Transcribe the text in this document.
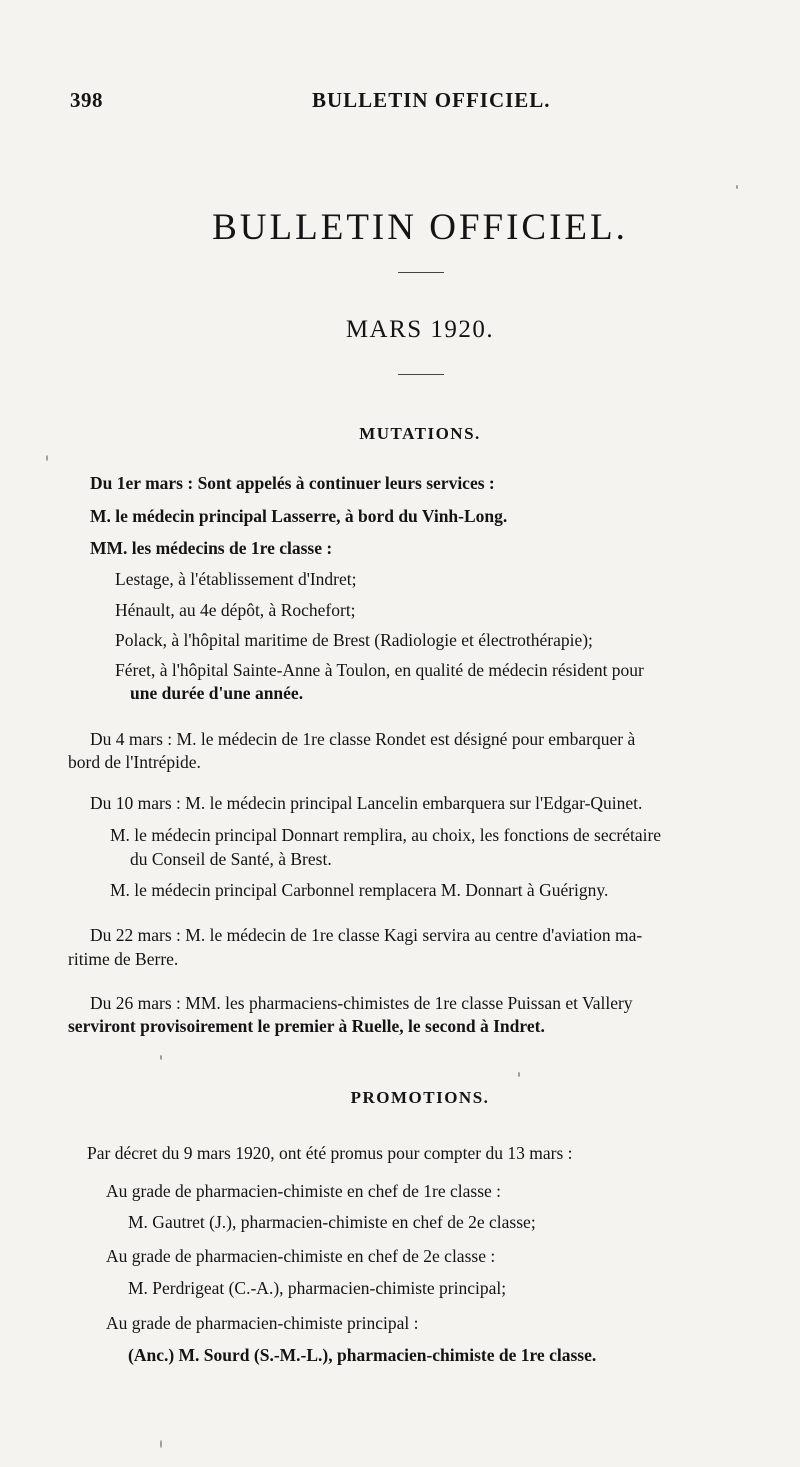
398	BULLETIN OFFICIEL.
BULLETIN OFFICIEL.
MARS 1920.
MUTATIONS.
Du 1er mars : Sont appelés à continuer leurs services :
M. le médecin principal Lasserre, à bord du Vinh-Long.
MM. les médecins de 1re classe :
Lestage, à l'établissement d'Indret;
Hénault, au 4e dépôt, à Rochefort;
Polack, à l'hôpital maritime de Brest (Radiologie et électrothérapie);
Féret, à l'hôpital Sainte-Anne à Toulon, en qualité de médecin résident pour
une durée d'une année.
Du 4 mars : M. le médecin de 1re classe Rondet est désigné pour embarquer à
bord de l'Intrépide.
Du 10 mars : M. le médecin principal Lancelin embarquera sur l'Edgar-Quinet.
M. le médecin principal Donnart remplira, au choix, les fonctions de secrétaire
du Conseil de Santé, à Brest.
M. le médecin principal Carbonnel remplacera M. Donnart à Guérigny.
Du 22 mars : M. le médecin de 1re classe Kagi servira au centre d'aviation ma-
ritime de Berre.
Du 26 mars : MM. les pharmaciens-chimistes de 1re classe Puissan et Vallery
serviront provisoirement le premier à Ruelle, le second à Indret.
PROMOTIONS.
Par décret du 9 mars 1920, ont été promus pour compter du 13 mars :
Au grade de pharmacien-chimiste en chef de 1re classe :
M. Gautret (J.), pharmacien-chimiste en chef de 2e classe;
Au grade de pharmacien-chimiste en chef de 2e classe :
M. Perdrigeat (C.-A.), pharmacien-chimiste principal;
Au grade de pharmacien-chimiste principal :
(Anc.) M. Sourd (S.-M.-L.), pharmacien-chimiste de 1re classe.
